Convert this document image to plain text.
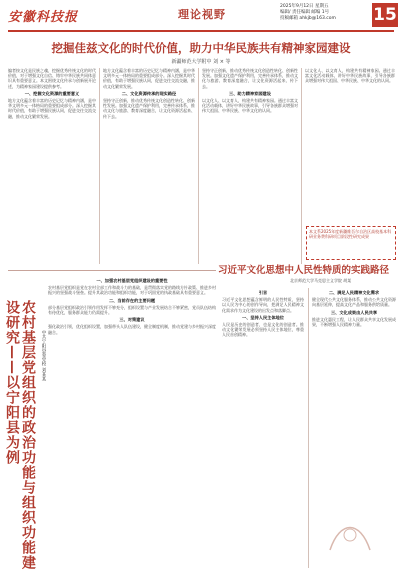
安徽科技报	理论视野
2025年9月12日 星期五
编辑/ 责任编辑 邮编 1号
投稿邮箱 ahkjb@163.com	15
挖掘佳兹文化的时代价值，助力中华民族共有精神家园建设
新疆师范大学附中 刘 × 等
编者按文化是民族之魂，挖掘优秀传统文化的时代价值，对于增强文化自信、铸牢中华民族共同体意识具有重要意义。本文围绕文化传承与创新展开论述，为精神家园建设提供参考。
一、挖掘文化资源的重要意义
地方文化蕴含着丰富的历史记忆与精神内涵，是中华文明多元一体格局的重要组成部分。深入挖掘其时代价值，有助于增强民族认同，促进交往交流交融，推动文化繁荣发展。
地方文化蕴含着丰富的历史记忆与精神内涵，是中华文明多元一体格局的重要组成部分。深入挖掘其时代价值，有助于增强民族认同，促进交往交流交融，推动文化繁荣发展。
二、文化资源传承的现实路径
坚持守正创新，推动优秀传统文化创造性转化、创新性发展。加强文化遗产保护利用，完善传承体系，推动文化与旅游、教育深度融合，让文化资源活起来、传下去。
坚持守正创新，推动优秀传统文化创造性转化、创新性发展。加强文化遗产保护利用，完善传承体系，推动文化与旅游、教育深度融合，让文化资源活起来、传下去。
三、助力精神家园建设
以文化人、以文育人，构建共有精神家园。通过丰富文化活动载体，讲好中华民族故事，引导各族群众增强对伟大祖国、中华民族、中华文化的认同。
以文化人、以文育人，构建共有精神家园。通过丰富文化活动载体，讲好中华民族故事，引导各族群众增强对伟大祖国、中华民族、中华文化的认同。
本文系2025年度新疆维吾尔自治区高校基本科研业务费科研项目阶段性研究成果
农村基层党组织的政治功能与组织功能建设研究——以宁阳县为例	中共宁阳县委党校 刘某某
一、加强农村基层党组织建设的重要性
农村基层党组织是党在农村全部工作和战斗力的基础，是贯彻落实党的路线方针政策、推进乡村振兴的坚强战斗堡垒。提升其政治功能和组织功能，对于巩固党的执政基础具有重要意义。
二、当前存在的主要问题
部分基层党组织政治引领作用发挥不够充分，组织设置与产业发展结合不够紧密，党员队伍结构有待优化，服务群众能力仍需提升。
三、对策建议
强化政治引领，优化组织设置，加强带头人队伍建设，健全制度机制，推动党建与乡村振兴深度融合。
习近平文化思想中人民性特质的实践路径
北京师范大学马克思主义学院 胡某
引言
习近平文化思想蕴含鲜明的人民性特质，坚持以人民为中心的创作导向，把满足人民精神文化需求作为文化建设的出发点和落脚点。
一、坚持人民主体地位
人民是历史的创造者，也是文化的创造者。推动文化繁荣发展必须坚持人民主体地位，尊重人民首创精神。
二、满足人民精神文化需求
健全现代公共文化服务体系，推动公共文化资源向基层延伸，提高文化产品和服务供给质量。
三、文化成果由人民共享
推进文化惠民工程，让人民群众共享文化发展成果，不断增强人民精神力量。
